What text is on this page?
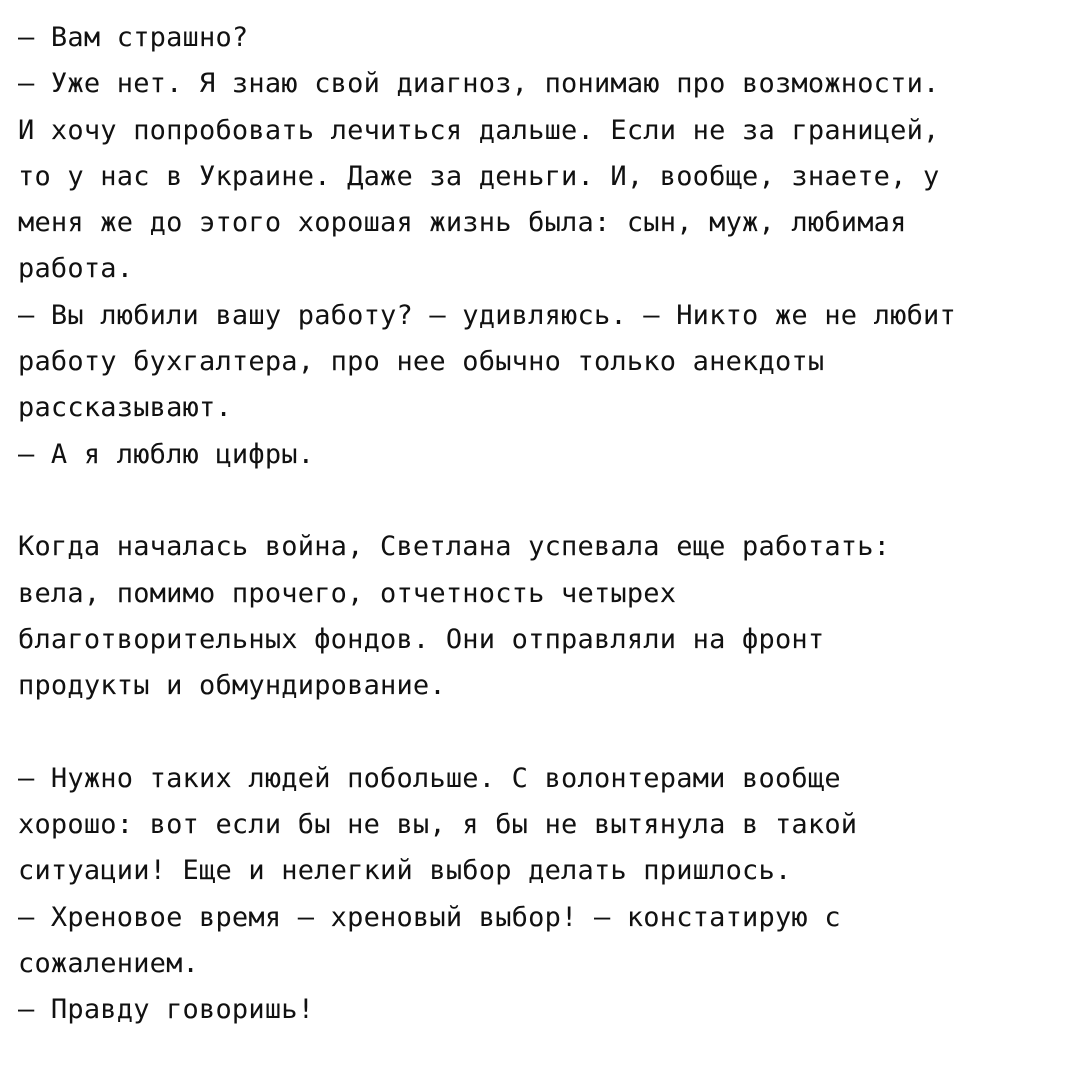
— Вам страшно?
— Уже нет. Я знаю свой диагноз, понимаю про возможности.
И хочу попробовать лечиться дальше. Если не за границей,
то у нас в Украине. Даже за деньги. И, вообще, знаете, у
меня же до этого хорошая жизнь была: сын, муж, любимая
работа.
— Вы любили вашу работу? — удивляюсь. — Никто же не любит
работу бухгалтера, про нее обычно только анекдоты
рассказывают.
— А я люблю цифры.
Когда началась война, Светлана успевала еще работать:
вела, помимо прочего, отчетность четырех
благотворительных фондов. Они отправляли на фронт
продукты и обмундирование.
— Нужно таких людей побольше. С волонтерами вообще
хорошо: вот если бы не вы, я бы не вытянула в такой
ситуации! Еще и нелегкий выбор делать пришлось.
— Хреновое время — хреновый выбор! — констатирую с
сожалением.
— Правду говоришь!
